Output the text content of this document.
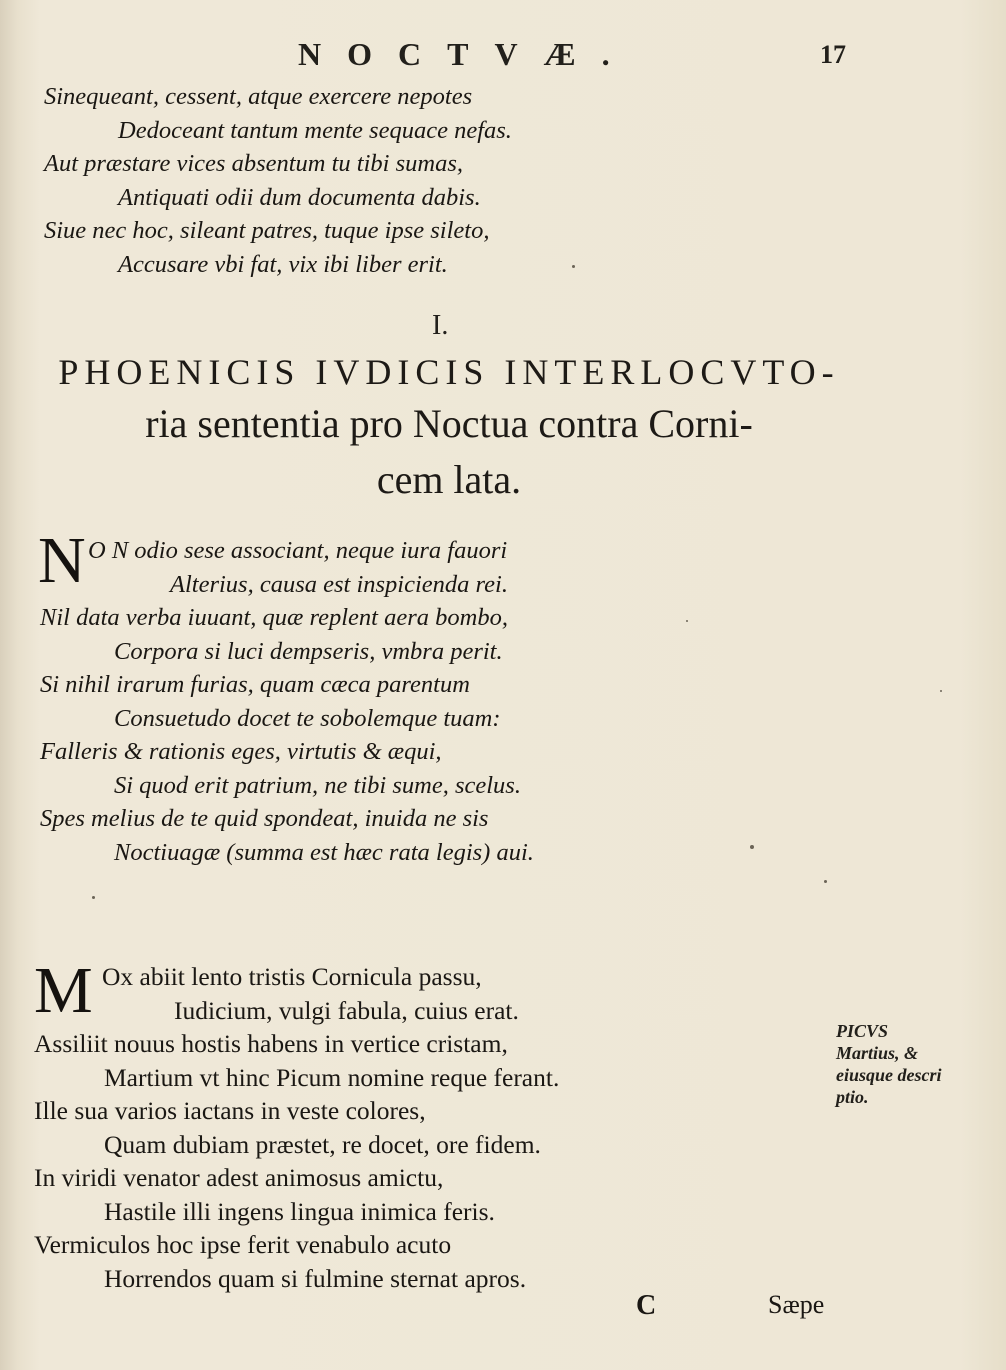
NOCTVÆ.	17
Sinequeant, cessent, atque exercere nepotes
Dedoceant tantum mente sequace nefas.
Aut præstare vices absentum tu tibi sumas,
Antiquati odii dum documenta dabis.
Siue nec hoc, sileant patres, tuque ipse sileto,
Accusare vbi fat, vix ibi liber erit.
I.
PHOENICIS IVDICIS INTERLOCVTO-
ria sententia pro Noctua contra Corni-
cem lata.
N O N odio sese associant, neque iura fauori
Alterius, causa est inspicienda rei.
Nil data verba iuuant, quæ replent aera bombo,
Corpora si luci dempseris, vmbra perit.
Si nihil irarum furias, quam cæca parentum
Consuetudo docet te sobolemque tuam:
Falleris & rationis eges, virtutis & æqui,
Si quod erit patrium, ne tibi sume, scelus.
Spes melius de te quid spondeat, inuida ne sis
Noctiuagæ (summa est hæc rata legis) aui.
M Ox abiit lento tristis Cornicula passu,
Iudicium, vulgi fabula, cuius erat.
Assiliit nouus hostis habens in vertice cristam,
Martium vt hinc Picum nomine reque ferant.
Ille sua varios iactans in veste colores,
Quam dubiam præstet, re docet, ore fidem.
In viridi venator adest animosus amictu,
Hastile illi ingens lingua inimica feris.
Vermiculos hoc ipse ferit venabulo acuto
Horrendos quam si fulmine sternat apros.
PICVS
Martius, &
eiusque descri
ptio.
C	Sæpe
